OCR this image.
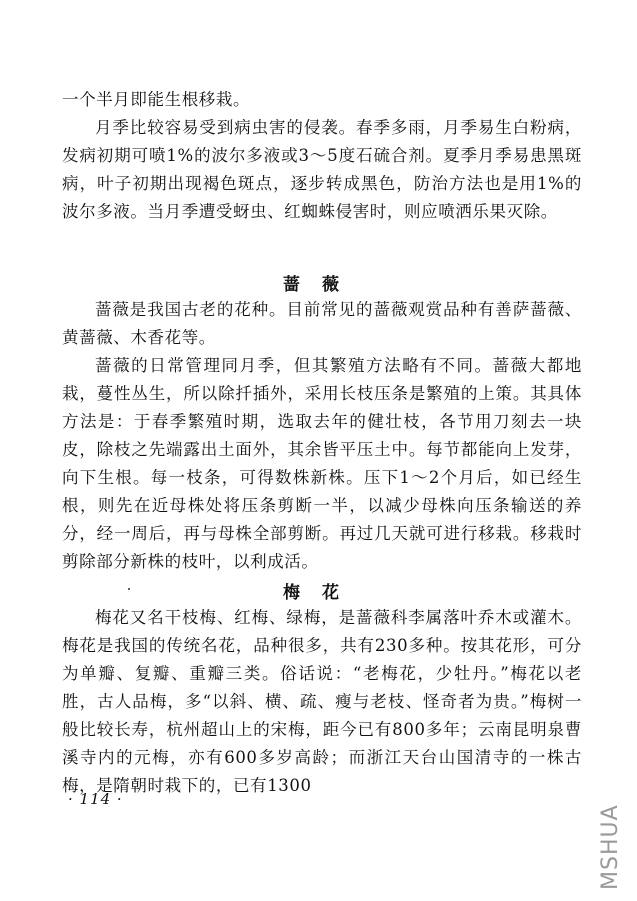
一个半月即能生根移栽。

月季比较容易受到病虫害的侵袭。春季多雨，月季易生白粉病，发病初期可喷1%的波尔多液或3～5度石硫合剂。夏季月季易患黑斑病，叶子初期出现褐色斑点，逐步转成黑色，防治方法也是用1%的波尔多液。当月季遭受蚜虫、红蜘蛛侵害时，则应喷洒乐果灭除。

蔷薇

蔷薇是我国古老的花种。目前常见的蔷薇观赏品种有善萨蔷薇、黄蔷薇、木香花等。

蔷薇的日常管理同月季，但其繁殖方法略有不同。蔷薇大都地栽，蔓性丛生，所以除扦插外，采用长枝压条是繁殖的上策。其具体方法是：于春季繁殖时期，选取去年的健壮枝，各节用刀刻去一块皮，除枝之先端露出土面外，其余皆平压土中。每节都能向上发芽，向下生根。每一枝条，可得数株新株。压下1～2个月后，如已经生根，则先在近母株处将压条剪断一半，以减少母株向压条输送的养分，经一周后，再与母株全部剪断。再过几天就可进行移栽。移栽时剪除部分新株的枝叶，以利成活。

梅花

梅花又名干枝梅、红梅、绿梅，是蔷薇科李属落叶乔木或灌木。梅花是我国的传统名花，品种很多，共有230多种。按其花形，可分为单瓣、复瓣、重瓣三类。俗话说：“老梅花，少牡丹。”梅花以老胜，古人品梅，多“以斜、横、疏、瘦与老枝、怪奇者为贵。”梅树一般比较长寿，杭州超山上的宋梅，距今已有800多年；云南昆明泉曹溪寺内的元梅，亦有600多岁高龄；而浙江天台山国清寺的一株古梅，是隋朝时栽下的，已有1300

· 114 ·
MSHUA
